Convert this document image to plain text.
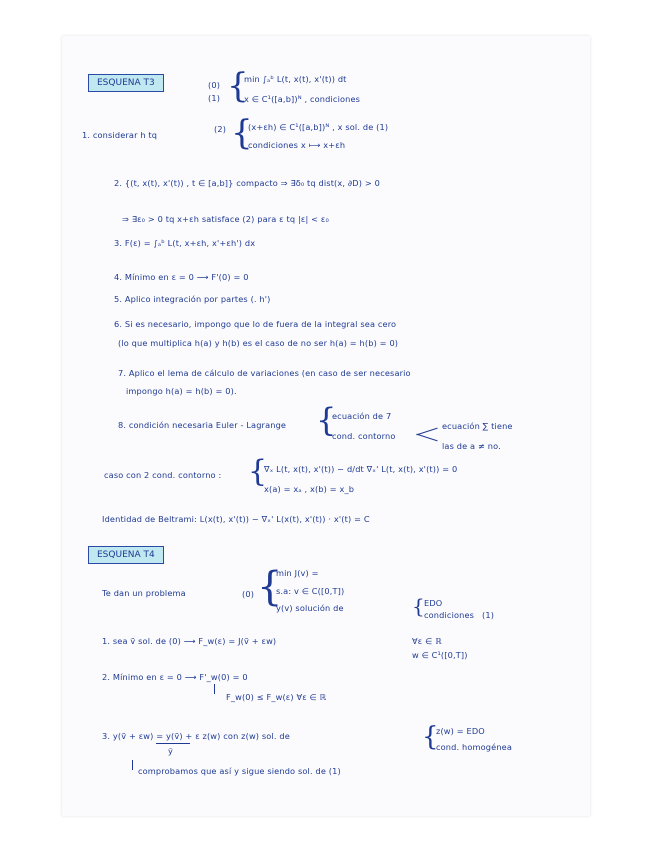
ESQUENA T3	(0)
(1) {
min ∫ₐᵇ L(t, x(t), x'(t)) dt
x ∈ C¹([a,b])ᴺ , condiciones
1. considerar h tq
(2) {
(x+εh) ∈ C¹([a,b])ᴺ , x sol. de (1)
condiciones x ⟼ x+εh
2. {(t, x(t), x'(t)) , t ∈ [a,b]} compacto ⇒ ∃δ₀ tq dist(x, ∂D) > 0
⇒ ∃ε₀ > 0 tq x+εh satisface (2) para ε tq |ε| < ε₀
3. F(ε) = ∫ₐᵇ L(t, x+εh, x'+εh') dx
4. Mínimo en ε = 0 ⟶ F'(0) = 0
5. Aplico integración por partes (. h')
6. Si es necesario, impongo que lo de fuera de la integral sea cero
(lo que multiplica h(a) y h(b) es el caso de no ser h(a) = h(b) = 0)
7. Aplico el lema de cálculo de variaciones (en caso de ser necesario
impongo h(a) = h(b) = 0).
8. condición necesaria Euler - Lagrange {
ecuación de 7
cond. contorno
ecuación ∑ tiene
las de a ≠ no.
caso con 2 cond. contorno : {
∇ₓ L(t, x(t), x'(t)) − d/dt ∇ₓ' L(t, x(t), x'(t)) = 0
x(a) = xₐ , x(b) = x_b
Identidad de Beltrami: L(x(t), x'(t)) − ∇ₓ' L(x(t), x'(t)) · x'(t) = C
ESQUENA T4
Te dan un problema	(0) {
min J(v) =
s.a: v ∈ C([0,T])
y(v) solución de	{ EDO
condiciones (1)
1. sea ṽ sol. de (0) ⟶ F_w(ε) = J(ṽ + εw)	∀ε ∈ ℝ
w ∈ C¹([0,T])
2. Mínimo en ε = 0 ⟶ F'_w(0) = 0
F_w(0) ≤ F_w(ε) ∀ε ∈ ℝ
3. y(ṽ + εw) = y(ṽ) + ε z(w) con z(w) sol. de
ỹ	{
z(w) = EDO
cond. homogénea
comprobamos que así y sigue siendo sol. de (1)
